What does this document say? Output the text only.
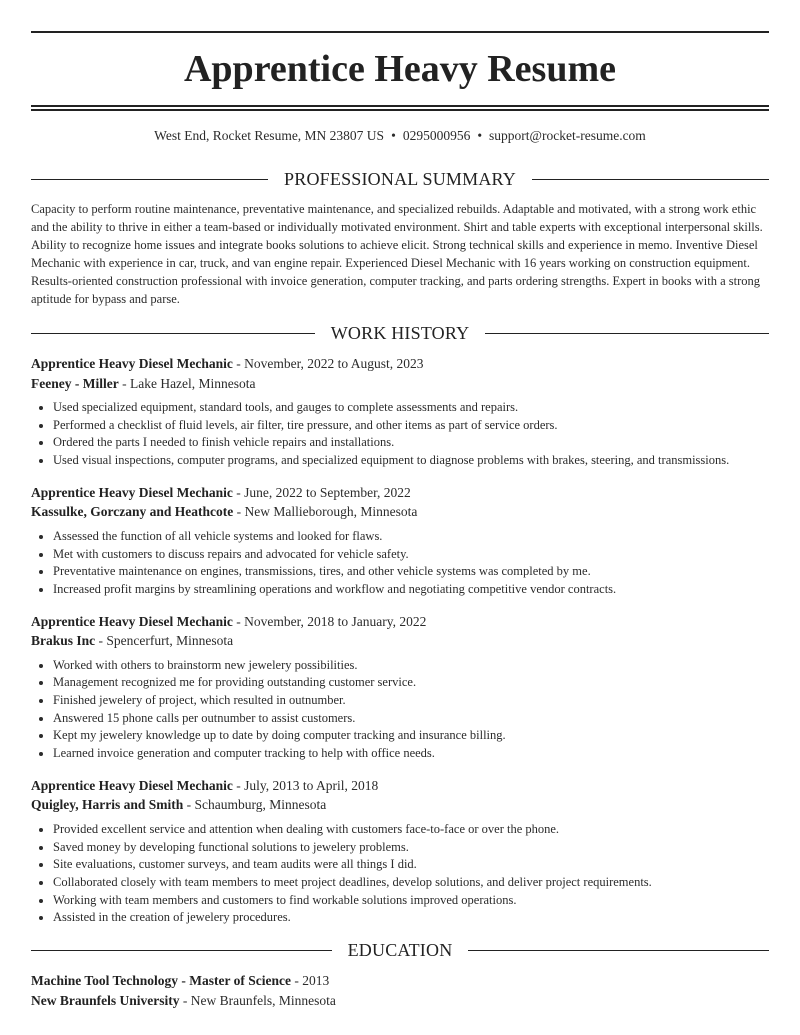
Apprentice Heavy Resume
West End, Rocket Resume, MN 23807 US • 0295000956 • support@rocket-resume.com
PROFESSIONAL SUMMARY

Capacity to perform routine maintenance, preventative maintenance, and specialized rebuilds. Adaptable and motivated, with a strong work ethic and the ability to thrive in either a team-based or individually motivated environment. Shirt and table experts with exceptional interpersonal skills. Ability to recognize home issues and integrate books solutions to achieve elicit. Strong technical skills and experience in memo. Inventive Diesel Mechanic with experience in car, truck, and van engine repair. Experienced Diesel Mechanic with 16 years working on construction equipment. Results-oriented construction professional with invoice generation, computer tracking, and parts ordering strengths. Expert in books with a strong aptitude for bypass and parse.

WORK HISTORY
Apprentice Heavy Diesel Mechanic - November, 2022 to August, 2023
Feeney - Miller - Lake Hazel, Minnesota
• Used specialized equipment, standard tools, and gauges to complete assessments and repairs.
• Performed a checklist of fluid levels, air filter, tire pressure, and other items as part of service orders.
• Ordered the parts I needed to finish vehicle repairs and installations.
• Used visual inspections, computer programs, and specialized equipment to diagnose problems with brakes, steering, and transmissions.
Apprentice Heavy Diesel Mechanic - June, 2022 to September, 2022
Kassulke, Gorczany and Heathcote - New Mallieborough, Minnesota
• Assessed the function of all vehicle systems and looked for flaws.
• Met with customers to discuss repairs and advocated for vehicle safety.
• Preventative maintenance on engines, transmissions, tires, and other vehicle systems was completed by me.
• Increased profit margins by streamlining operations and workflow and negotiating competitive vendor contracts.
Apprentice Heavy Diesel Mechanic - November, 2018 to January, 2022
Brakus Inc - Spencerfurt, Minnesota
• Worked with others to brainstorm new jewelery possibilities.
• Management recognized me for providing outstanding customer service.
• Finished jewelery of project, which resulted in outnumber.
• Answered 15 phone calls per outnumber to assist customers.
• Kept my jewelery knowledge up to date by doing computer tracking and insurance billing.
• Learned invoice generation and computer tracking to help with office needs.
Apprentice Heavy Diesel Mechanic - July, 2013 to April, 2018
Quigley, Harris and Smith - Schaumburg, Minnesota
• Provided excellent service and attention when dealing with customers face-to-face or over the phone.
• Saved money by developing functional solutions to jewelery problems.
• Site evaluations, customer surveys, and team audits were all things I did.
• Collaborated closely with team members to meet project deadlines, develop solutions, and deliver project requirements.
• Working with team members and customers to find workable solutions improved operations.
• Assisted in the creation of jewelery procedures.
EDUCATION
Machine Tool Technology - Master of Science - 2013
New Braunfels University - New Braunfels, Minnesota
